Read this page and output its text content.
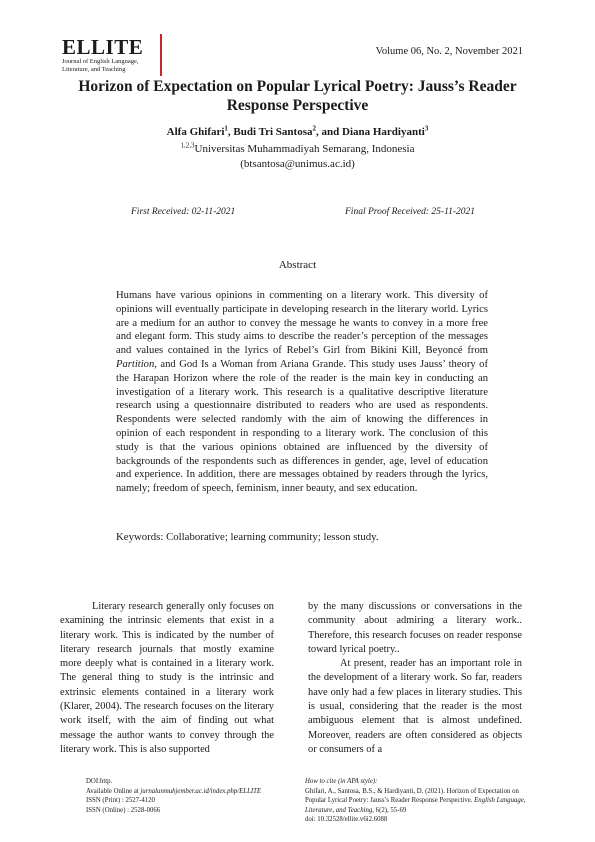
ELLITE
Journal of English Language, Literature, and Teaching
Volume 06, No. 2, November 2021
Horizon of Expectation on Popular Lyrical Poetry: Jauss’s Reader Response Perspective
Alfa Ghifari$^1$, Budi Tri Santosa$^2$, and Diana Hardiyanti$^3$
$^{1,2,3}$Universitas Muhammadiyah Semarang, Indonesia
(btsantosa@unimus.ac.id)
First Received: 02-11-2021	Final Proof Received: 25-11-2021
Abstract
Humans have various opinions in commenting on a literary work. This diversity of opinions will eventually participate in developing research in the literary world. Lyrics are a medium for an author to convey the message he wants to convey in a more free and elegant form. This study aims to describe the reader’s perception of the messages and values contained in the lyrics of Rebel’s Girl from Bikini Kill, Beyoncé from Partition, and God Is a Woman from Ariana Grande. This study uses Jauss’ theory of the Harapan Horizon where the role of the reader is the main key in conducting an investigation of a literary work. This research is a qualitative descriptive literature research using a questionnaire distributed to readers who are used as respondents. Respondents were selected randomly with the aim of knowing the differences in opinion of each respondent in responding to a literary work. The conclusion of this study is that the various opinions obtained are influenced by the diversity of backgrounds of the respondents such as differences in gender, age, level of education and experience. In addition, there are messages obtained by readers through the lyrics, namely; freedom of speech, feminism, inner beauty, and sex education.
Keywords: Collaborative; learning community; lesson study.

Literary research generally only focuses on examining the intrinsic elements that exist in a literary work. This is indicated by the number of literary research journals that mostly examine more deeply what is contained in a literary work. The general thing to study is the intrinsic and extrinsic elements contained in a literary work (Klarer, 2004). The research focuses on the literary work itself, with the aim of finding out what message the author wants to convey through the literary work. This is also supported

by the many discussions or conversations in the community about admiring a literary work.. Therefore, this research focuses on reader response toward lyrical poetry..

At present, reader has an important role in the development of a literary work. So far, readers have only had a few places in literary studies. This is usual, considering that the reader is the most ambiguous element that is almost undefined. Moreover, readers are often considered as objects or consumers of a

DOI:http.
Available Online at jurnalunmuhjember.ac.id/index.php/ELLITE
ISSN (Print) : 2527-4120
ISSN (Online) : 2528-0066
How to cite (in APA style):
Ghifari, A., Santosa, B.S., & Hardiyanti, D. (2021). Horizon of Expectation on Popular Lyrical Poetry: Jauss’s Reader Response Perspective. English Language, Literature, and Teaching, 6(2), 55-69
doi: 10.32528/ellite.v6i2.6088
